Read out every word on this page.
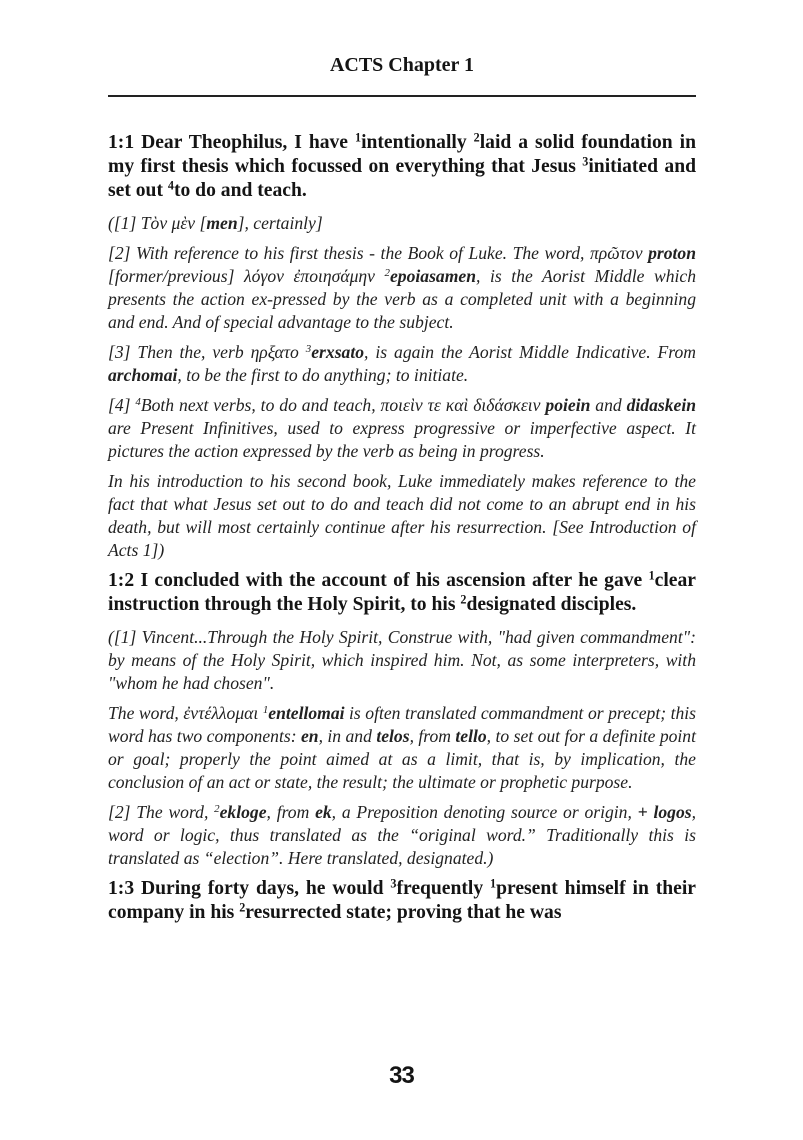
ACTS Chapter 1

1:1 Dear Theophilus, I have $^1$intentionally $^2$laid a solid foundation in my first thesis which focussed on everything that Jesus $^3$initiated and set out $^4$to do and teach.

([1] Τὸν μὲν [men], certainly]

[2] With reference to his first thesis - the Book of Luke. The word, πρῶτον proton [former/previous] λόγον ἐποιησάμην $^2$epoiasamen, is the Aorist Middle which presents the action ex-pressed by the verb as a completed unit with a beginning and end. And of special advantage to the subject.

[3] Then the, verb ηρξατο $^3$erxsato, is again the Aorist Middle Indicative. From archomai, to be the first to do anything; to initiate.

[4] $^4$Both next verbs, to do and teach, ποιεὶν τε καὶ διδάσκειν poiein and didaskein are Present Infinitives, used to express progressive or imperfective aspect. It pictures the action expressed by the verb as being in progress.

In his introduction to his second book, Luke immediately makes reference to the fact that what Jesus set out to do and teach did not come to an abrupt end in his death, but will most certainly continue after his resurrection. [See Introduction of Acts 1])

1:2 I concluded with the account of his ascension after he gave $^1$clear instruction through the Holy Spirit, to his $^2$designated disciples.

([1] Vincent...Through the Holy Spirit, Construe with, "had given commandment": by means of the Holy Spirit, which inspired him. Not, as some interpreters, with "whom he had chosen".

The word, ἐντέλλομαι $^1$entellomai is often translated commandment or precept; this word has two components: en, in and telos, from tello, to set out for a definite point or goal; properly the point aimed at as a limit, that is, by implication, the conclusion of an act or state, the result; the ultimate or prophetic purpose.

[2] The word, $^2$ekloge, from ek, a Preposition denoting source or origin, + logos, word or logic, thus translated as the “original word.” Traditionally this is translated as “election”. Here translated, designated.)

1:3 During forty days, he would $^3$frequently $^1$present himself in their company in his $^2$resurrected state; proving that he was

33
